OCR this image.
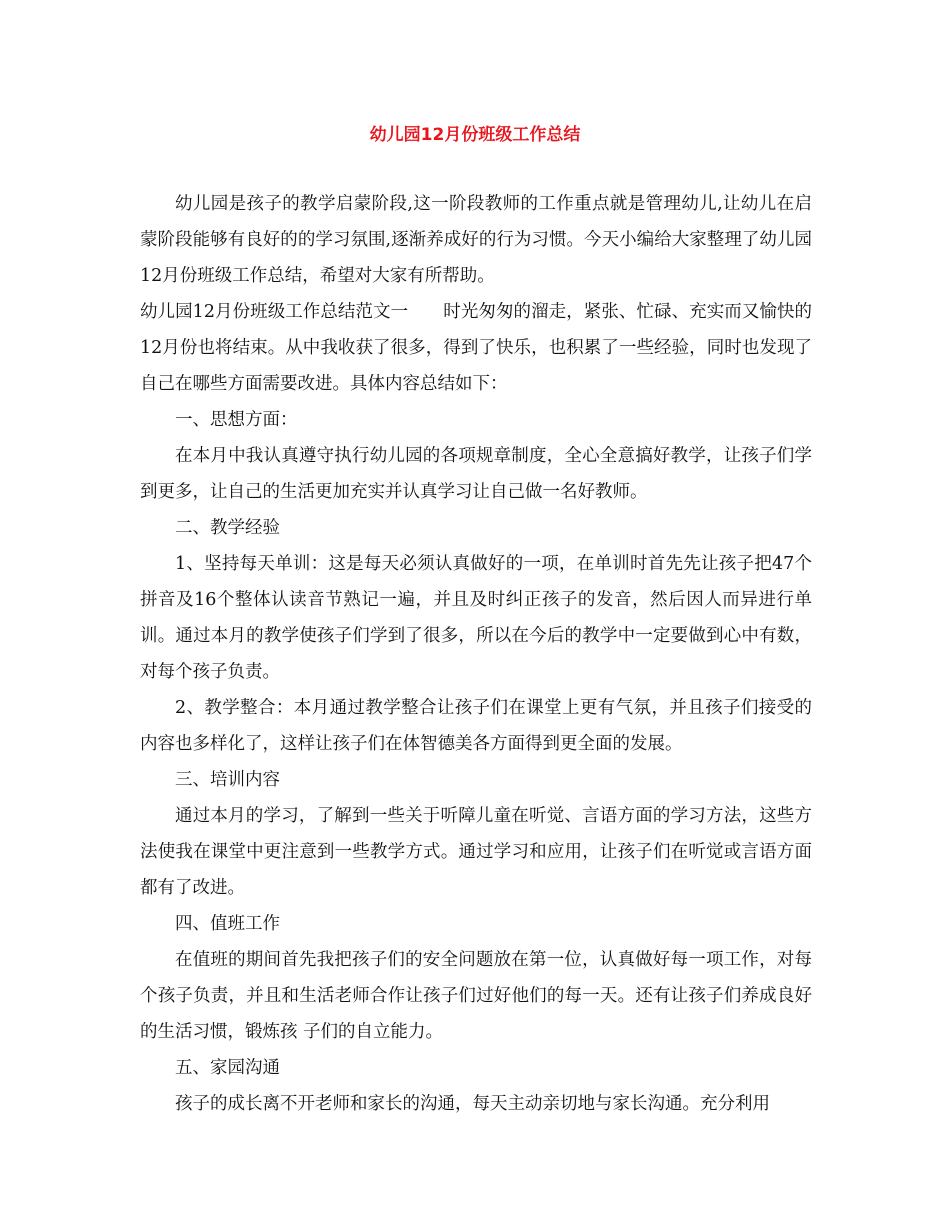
幼儿园12月份班级工作总结

幼儿园是孩子的教学启蒙阶段,这一阶段教师的工作重点就是管理幼儿,让幼儿在启蒙阶段能够有良好的的学习氛围,逐渐养成好的行为习惯。今天小编给大家整理了幼儿园12月份班级工作总结，希望对大家有所帮助。

幼儿园12月份班级工作总结范文一　　时光匆匆的溜走，紧张、忙碌、充实而又愉快的12月份也将结束。从中我收获了很多，得到了快乐，也积累了一些经验，同时也发现了自己在哪些方面需要改进。具体内容总结如下：

一、思想方面：

在本月中我认真遵守执行幼儿园的各项规章制度，全心全意搞好教学，让孩子们学到更多，让自己的生活更加充实并认真学习让自己做一名好教师。

二、教学经验

1、坚持每天单训：这是每天必须认真做好的一项，在单训时首先先让孩子把47个拼音及16个整体认读音节熟记一遍，并且及时纠正孩子的发音，然后因人而异进行单训。通过本月的教学使孩子们学到了很多，所以在今后的教学中一定要做到心中有数，对每个孩子负责。

2、教学整合：本月通过教学整合让孩子们在课堂上更有气氛，并且孩子们接受的内容也多样化了，这样让孩子们在体智德美各方面得到更全面的发展。

三、培训内容

通过本月的学习，了解到一些关于听障儿童在听觉、言语方面的学习方法，这些方法使我在课堂中更注意到一些教学方式。通过学习和应用，让孩子们在听觉或言语方面都有了改进。

四、值班工作

在值班的期间首先我把孩子们的安全问题放在第一位，认真做好每一项工作，对每个孩子负责，并且和生活老师合作让孩子们过好他们的每一天。还有让孩子们养成良好的生活习惯，锻炼孩 子们的自立能力。

五、家园沟通

孩子的成长离不开老师和家长的沟通，每天主动亲切地与家长沟通。充分利用
